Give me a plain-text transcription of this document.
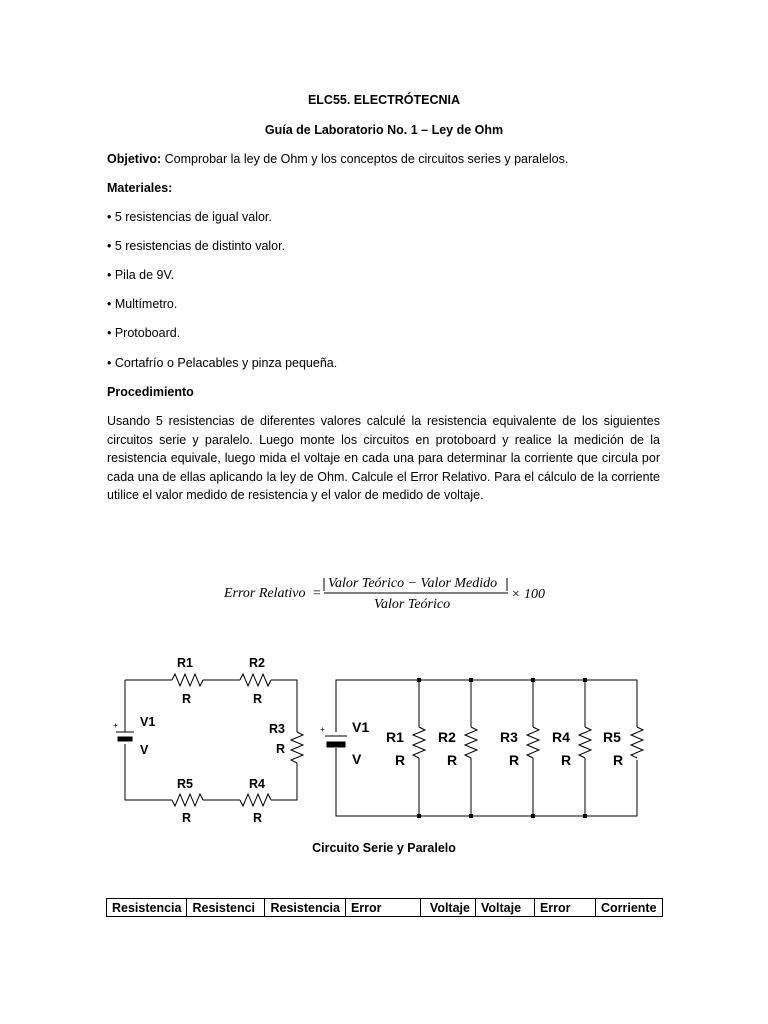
ELC55. ELECTRÓTECNIA
Guía de Laboratorio No. 1 – Ley de Ohm
Objetivo: Comprobar la ley de Ohm y los conceptos de circuitos series y paralelos.
Materiales:
• 5 resistencias de igual valor.
• 5 resistencias de distinto valor.
• Pila de 9V.
• Multímetro.
• Protoboard.
• Cortafrío o Pelacables y pinza pequeña.
Procedimiento
Usando 5 resistencias de diferentes valores calculé la resistencia equivalente de los siguientes
circuitos serie y paralelo. Luego monte los circuitos en protoboard y realice la medición de la
resistencia equivale, luego mida el voltaje en cada una para determinar la corriente que circula por
cada una de ellas aplicando la ley de Ohm. Calcule el Error Relativo. Para el cálculo de la corriente
utilice el valor medido de resistencia y el valor de medido de voltaje.
Error Relativo =
Valor Teórico − Valor Medido
Valor Teórico
× 100
+ V1
V
R1
R
R2
R
R3
R
R4
R
R5
R
+ V1
V
R1
R
R2
R
R3
R
R4
R
R5
R
Circuito Serie y Paralelo
Resistencia	Resistenci	Resistencia	Error	Voltaje	Voltaje	Error	Corriente
